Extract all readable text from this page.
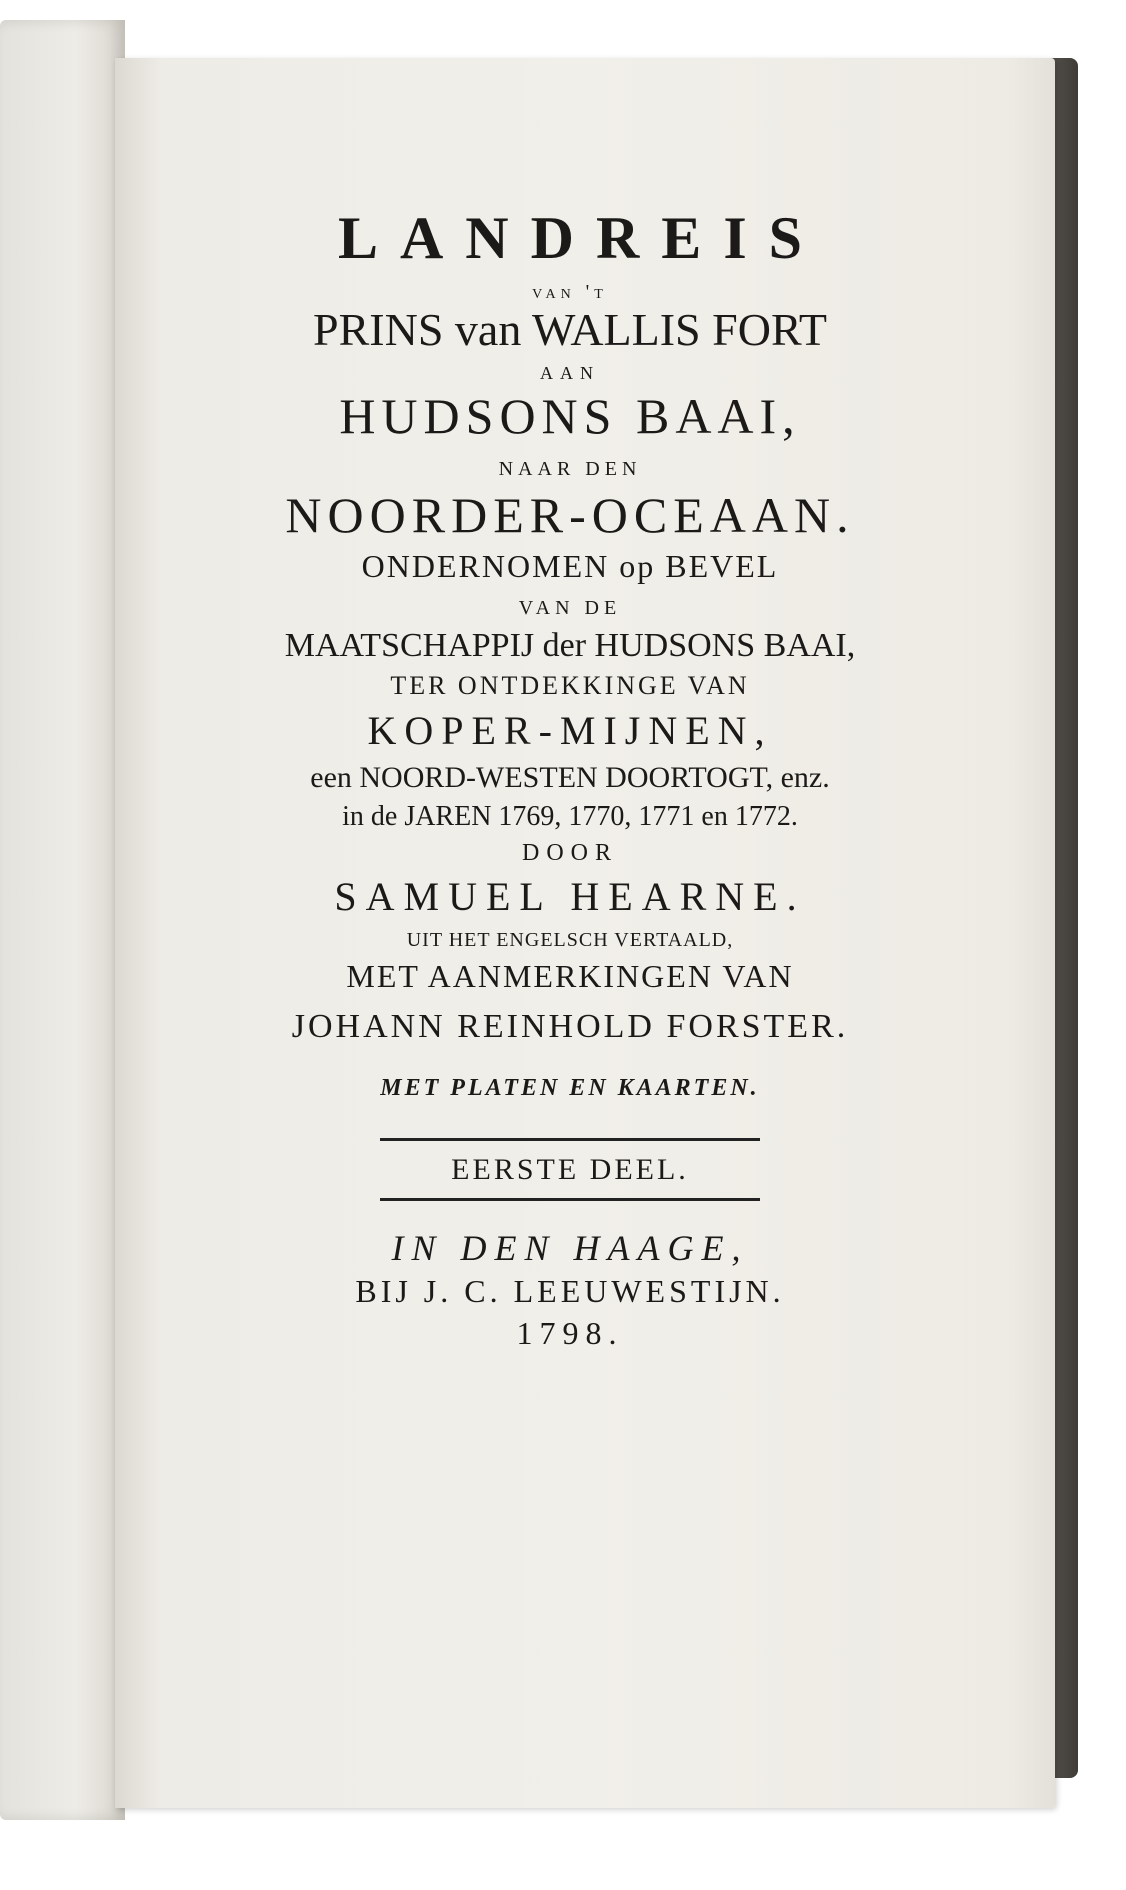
LANDREIS
van 't
PRINS van WALLIS FORT
AAN
HUDSONS BAAI,
NAAR DEN
NOORDER-OCEAAN.
ONDERNOMEN op BEVEL
VAN DE
MAATSCHAPPIJ der HUDSONS BAAI,
TER ONTDEKKINGE VAN
KOPER-MIJNEN,
een NOORD-WESTEN DOORTOGT, enz.
in de JAREN 1769, 1770, 1771 en 1772.
DOOR
SAMUEL HEARNE.
UIT HET ENGELSCH VERTAALD,
MET AANMERKINGEN VAN
JOHANN REINHOLD FORSTER.
MET PLATEN EN KAARTEN.
EERSTE DEEL.
IN DEN HAAGE,
BIJ J. C. LEEUWESTIJN.
1798.
